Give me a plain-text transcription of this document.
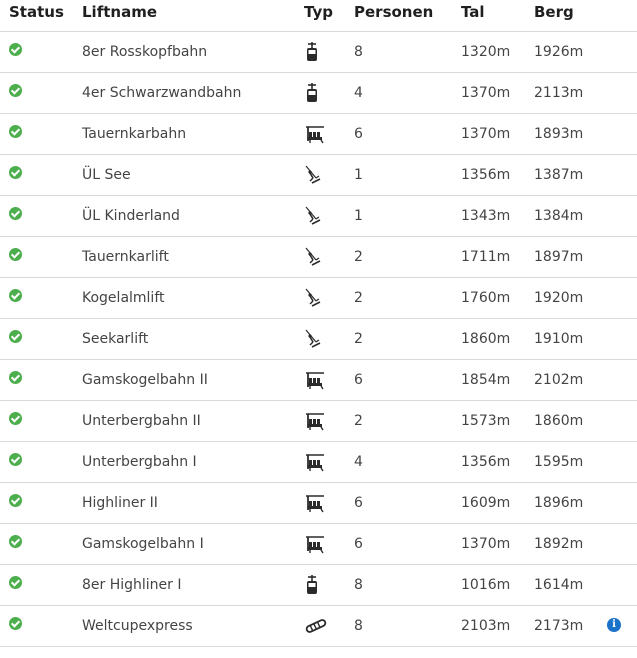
Status	Liftname	Typ	Personen	Tal	Berg	
	8er Rosskopfbahn		8	1320m	1926m	
	4er Schwarzwandbahn		4	1370m	2113m	
	Tauernkarbahn		6	1370m	1893m	
	ÜL See		1	1356m	1387m	
	ÜL Kinderland		1	1343m	1384m	
	Tauernkarlift		2	1711m	1897m	
	Kogelalmlift		2	1760m	1920m	
	Seekarlift		2	1860m	1910m	
	Gamskogelbahn II		6	1854m	2102m	
	Unterbergbahn II		2	1573m	1860m	
	Unterbergbahn I		4	1356m	1595m	
	Highliner II		6	1609m	1896m	
	Gamskogelbahn I		6	1370m	1892m	
	8er Highliner I		8	1016m	1614m	
	Weltcupexpress		8	2103m	2173m	i
